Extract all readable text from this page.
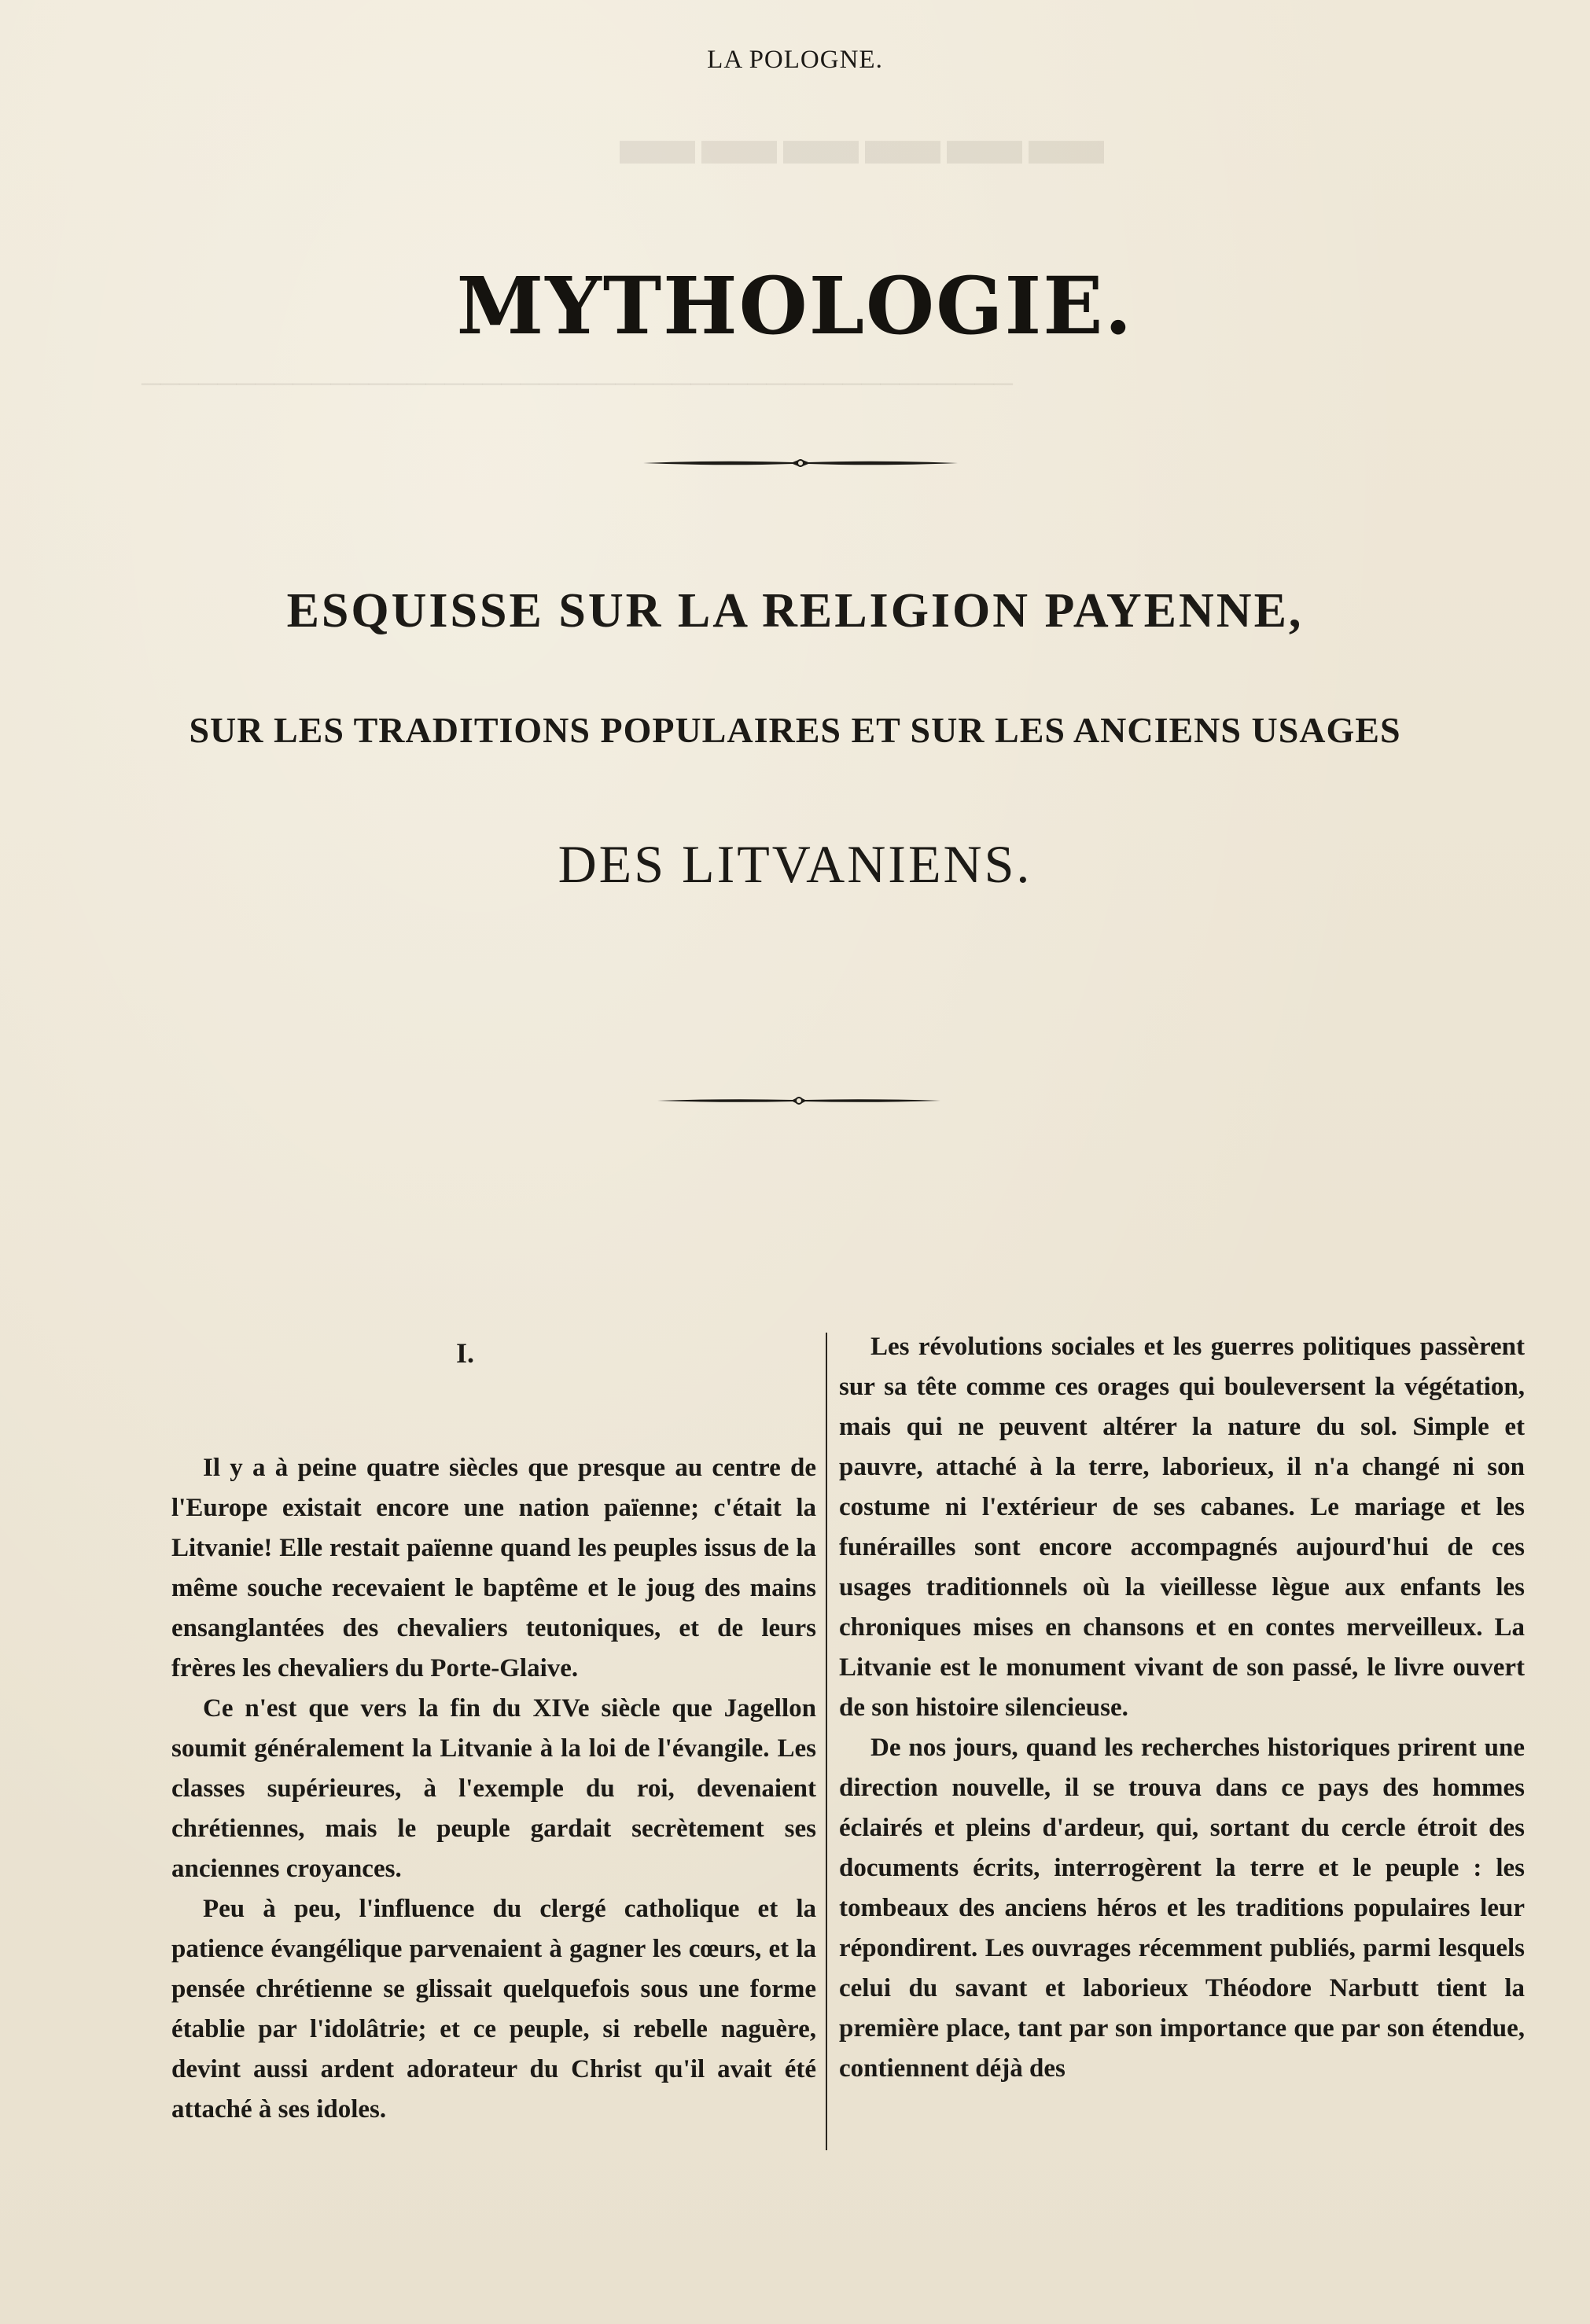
​▬▬▬▬▬▬
──────────────────────────────────────────────
LA POLOGNE.
MYTHOLOGIE.
ESQUISSE SUR LA RELIGION PAYENNE,
SUR LES TRADITIONS POPULAIRES ET SUR LES ANCIENS USAGES
DES LITVANIENS.
I.

Il y a à peine quatre siècles que presque au centre de l'Europe existait encore une nation païenne; c'était la Litvanie! Elle restait païenne quand les peuples issus de la même souche recevaient le baptême et le joug des mains ensanglantées des chevaliers teutoniques, et de leurs frères les chevaliers du Porte-Glaive.

Ce n'est que vers la fin du XIVe siècle que Jagellon soumit généralement la Litvanie à la loi de l'évangile. Les classes supérieures, à l'exemple du roi, devenaient chrétiennes, mais le peuple gardait secrètement ses anciennes croyances.

Peu à peu, l'influence du clergé catholique et la patience évangélique parvenaient à gagner les cœurs, et la pensée chrétienne se glissait quelquefois sous une forme établie par l'idolâtrie; et ce peuple, si rebelle naguère, devint aussi ardent adorateur du Christ qu'il avait été attaché à ses idoles.

Les révolutions sociales et les guerres politiques passèrent sur sa tête comme ces orages qui bouleversent la végétation, mais qui ne peuvent altérer la nature du sol. Simple et pauvre, attaché à la terre, laborieux, il n'a changé ni son costume ni l'extérieur de ses cabanes. Le mariage et les funérailles sont encore accompagnés aujourd'hui de ces usages traditionnels où la vieillesse lègue aux enfants les chroniques mises en chansons et en contes merveilleux. La Litvanie est le monument vivant de son passé, le livre ouvert de son histoire silencieuse.

De nos jours, quand les recherches historiques prirent une direction nouvelle, il se trouva dans ce pays des hommes éclairés et pleins d'ardeur, qui, sortant du cercle étroit des documents écrits, interrogèrent la terre et le peuple : les tombeaux des anciens héros et les traditions populaires leur répondirent. Les ouvrages récemment publiés, parmi lesquels celui du savant et laborieux Théodore Narbutt tient la première place, tant par son importance que par son étendue, contiennent déjà des
